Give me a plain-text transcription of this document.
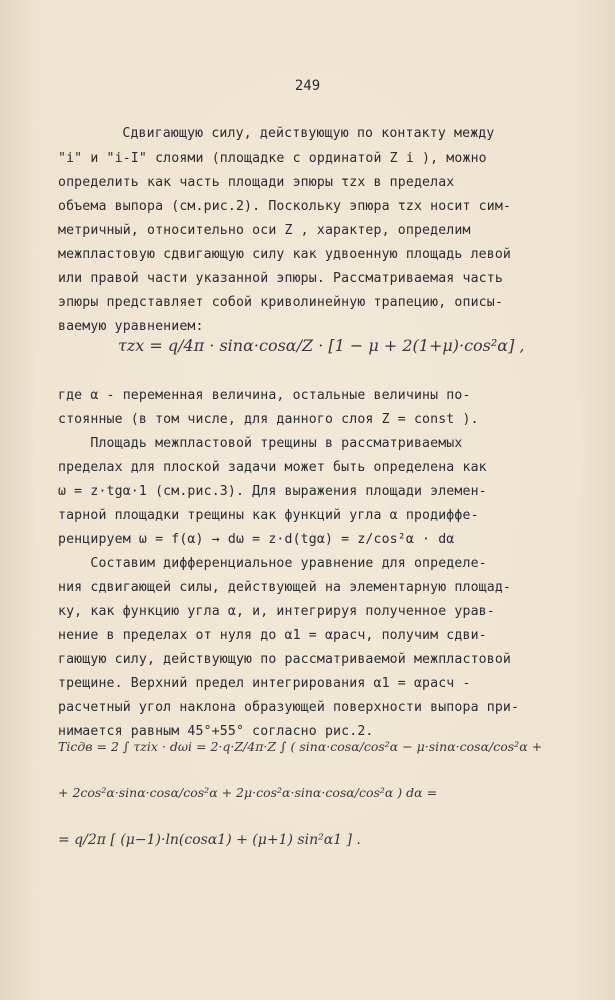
249
Сдвигающую силу, действующую по контакту между
"i" и "i-I" слоями (площадке с ординатой Z i ), можно
определить как часть площади эпюры τzx в пределах
объема выпора (см.рис.2). Поскольку эпюра τzx носит сим-
метричный, относительно оси Z , характер, определим
межпластовую сдвигающую силу как удвоенную площадь левой
или правой части указанной эпюры. Рассматриваемая часть
эпюры представляет собой криволинейную трапецию, описы-
ваемую уравнением:
τzx = q/4π · sinα·cosα/Z · [1 − μ + 2(1+μ)·cos²α] ,
где α - переменная величина, остальные величины по-
стоянные (в том числе, для данного слоя Z = const ).
Площадь межпластовой трещины в рассматриваемых
пределах для плоской задачи может быть определена как
ω = z·tgα·1 (см.рис.3). Для выражения площади элемен-
тарной площадки трещины как функций угла α продиффе-
ренцируем ω = f(α) → dω = z·d(tgα) = z/cos²α · dα
Составим дифференциальное уравнение для определе-
ния сдвигающей силы, действующей на элементарную площад-
ку, как функцию угла α, и, интегрируя полученное урав-
нение в пределах от нуля до α1 = αрасч, получим сдви-
гающую силу, действующую по рассматриваемой межпластовой
трещине. Верхний предел интегрирования α1 = αрасч -
расчетный угол наклона образующей поверхности выпора при-
нимается равным 45°+55° согласно рис.2.
Tiсдв = 2 ∫ τzix · dωi = 2·q·Z/4π·Z ∫ ( sinα·cosα/cos²α − μ·sinα·cosα/cos²α +
+ 2cos²α·sinα·cosα/cos²α + 2μ·cos²α·sinα·cosα/cos²α ) dα =
= q/2π [ (μ−1)·ln(cosα1) + (μ+1) sin²α1 ] .
